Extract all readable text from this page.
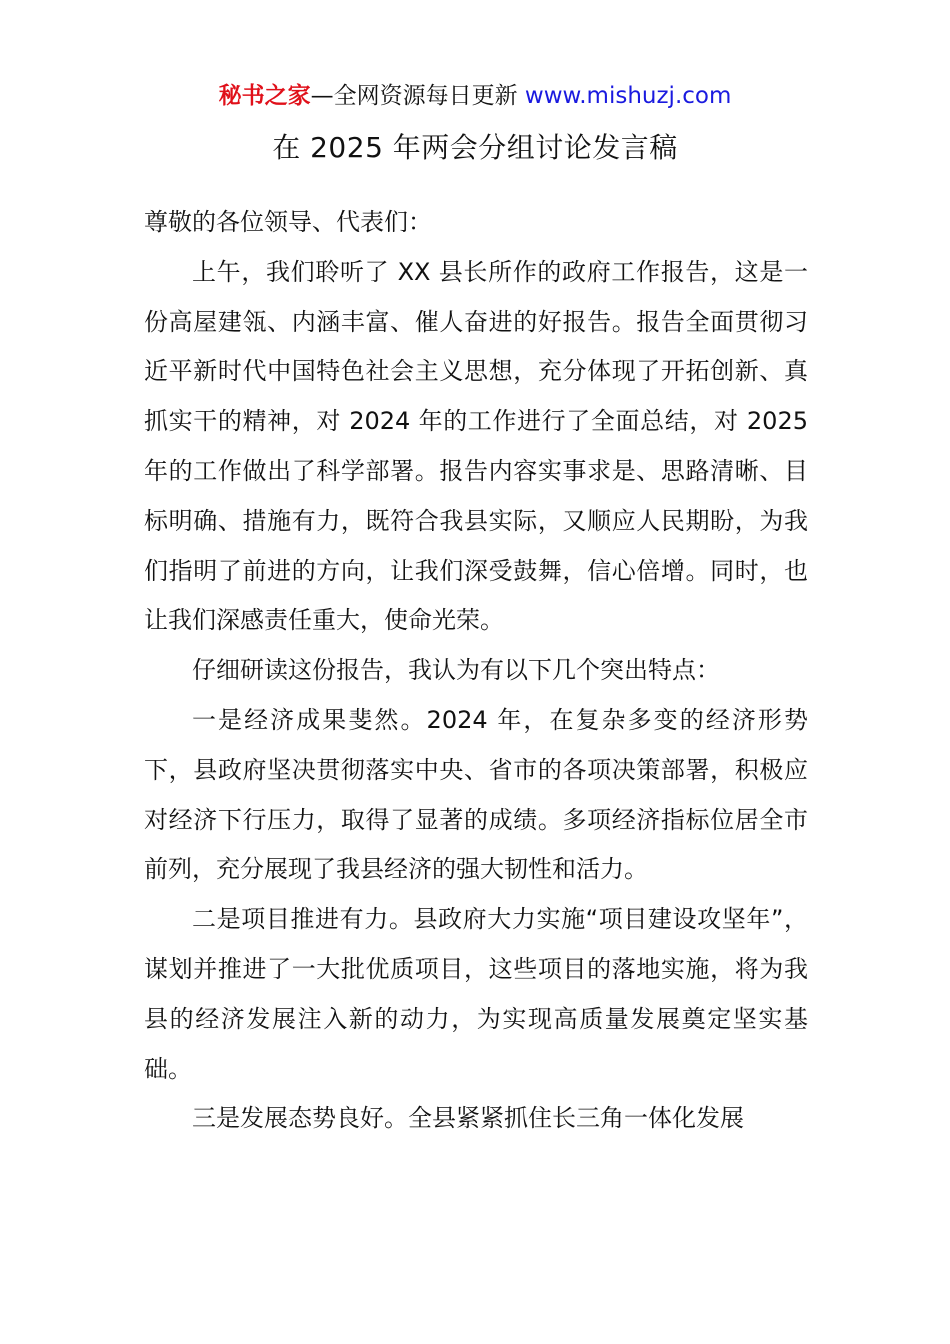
秘书之家—全网资源每日更新 www.mishuzj.com
在 2025 年两会分组讨论发言稿

尊敬的各位领导、代表们：

上午，我们聆听了 XX 县长所作的政府工作报告，这是一份高屋建瓴、内涵丰富、催人奋进的好报告。报告全面贯彻习近平新时代中国特色社会主义思想，充分体现了开拓创新、真抓实干的精神，对 2024 年的工作进行了全面总结，对 2025 年的工作做出了科学部署。报告内容实事求是、思路清晰、目标明确、措施有力，既符合我县实际，又顺应人民期盼，为我们指明了前进的方向，让我们深受鼓舞，信心倍增。同时，也让我们深感责任重大，使命光荣。

仔细研读这份报告，我认为有以下几个突出特点：

一是经济成果斐然。2024 年，在复杂多变的经济形势下，县政府坚决贯彻落实中央、省市的各项决策部署，积极应对经济下行压力，取得了显著的成绩。多项经济指标位居全市前列，充分展现了我县经济的强大韧性和活力。

二是项目推进有力。县政府大力实施“项目建设攻坚年”，谋划并推进了一大批优质项目，这些项目的落地实施，将为我县的经济发展注入新的动力，为实现高质量发展奠定坚实基础。

三是发展态势良好。全县紧紧抓住长三角一体化发展
